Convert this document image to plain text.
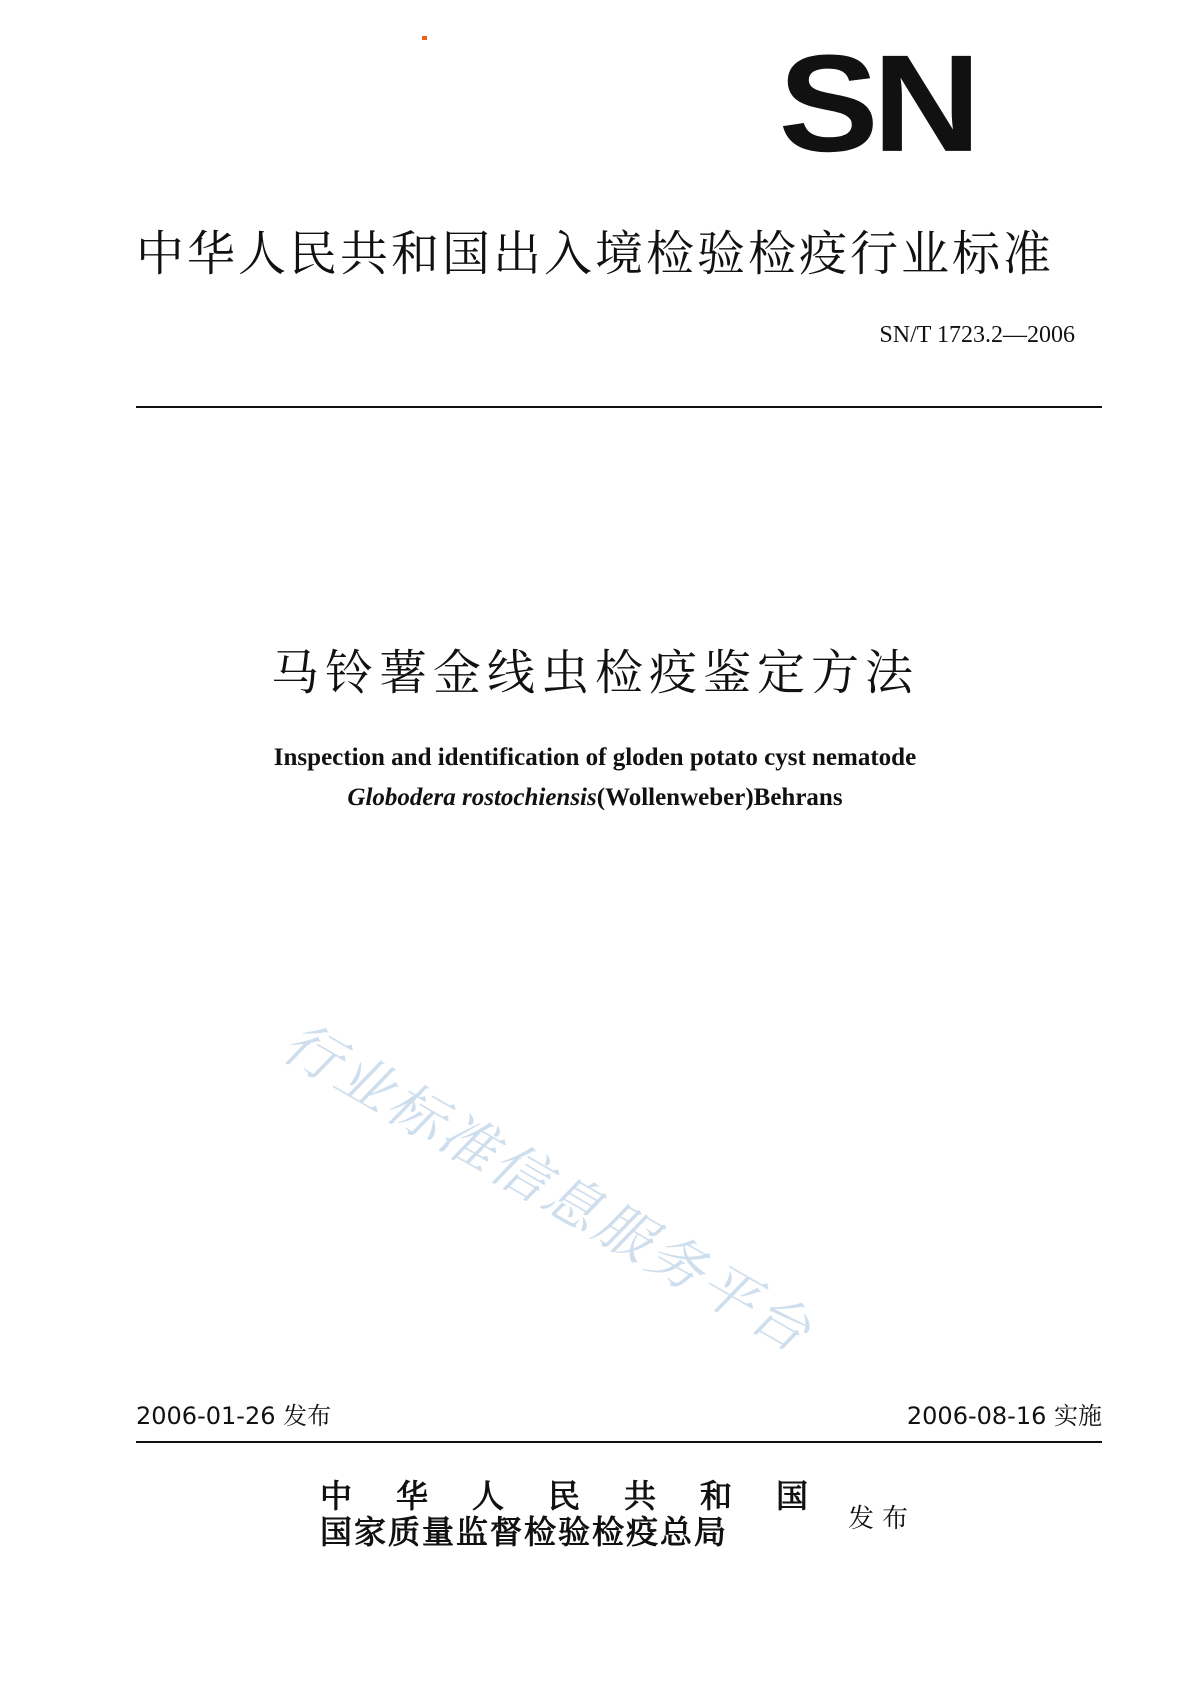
SN
中华人民共和国出入境检验检疫行业标准
SN/T 1723.2—2006
马铃薯金线虫检疫鉴定方法
Inspection and identification of gloden potato cyst nematode
Globodera rostochiensis(Wollenweber)Behrans
行业标准信息服务平台
2006-01-26 发布	2006-08-16 实施
中华人民共和国
国家质量监督检验检疫总局	发布
